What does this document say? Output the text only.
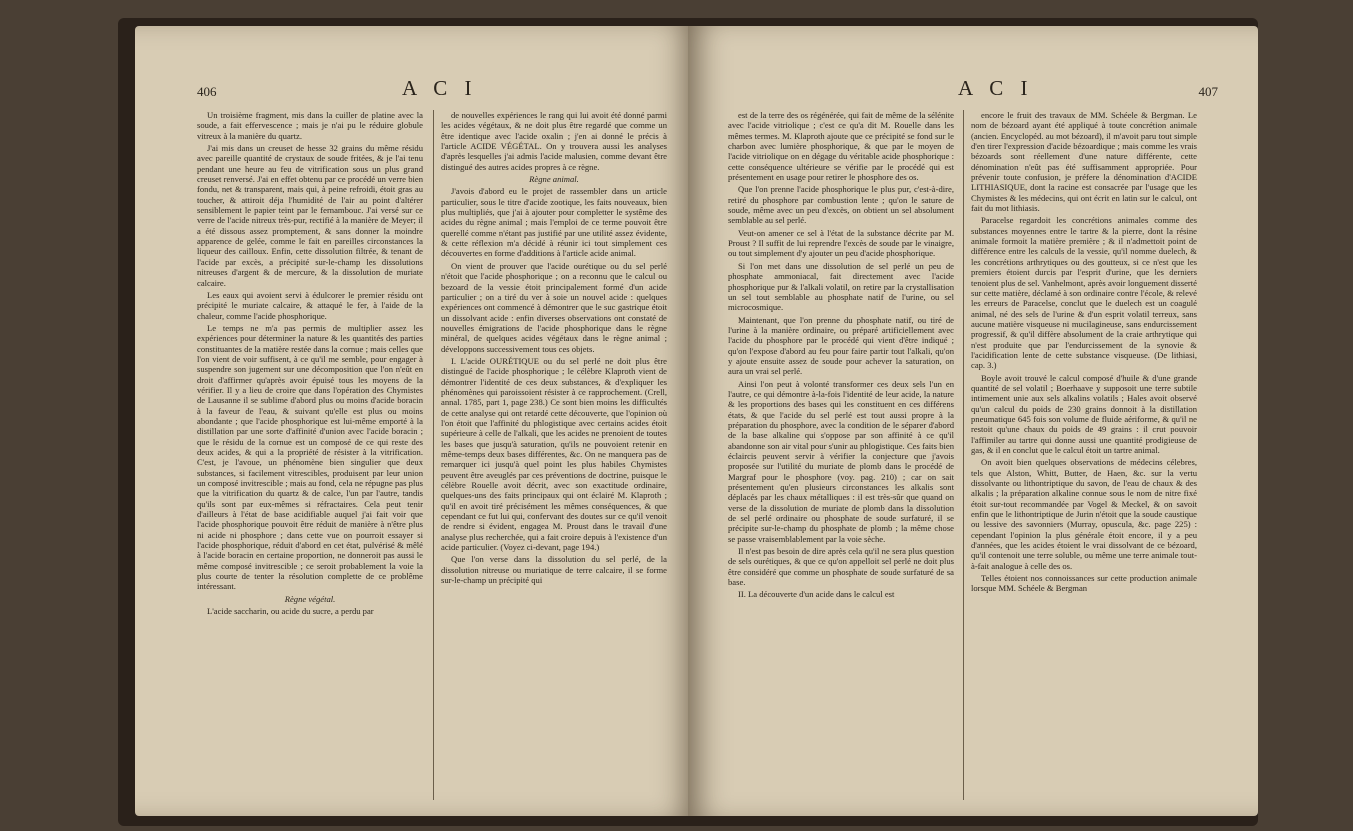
406	A C I

Un troisième fragment, mis dans la cuiller de platine avec la soude, a fait effervescence ; mais je n'ai pu le réduire globule vitreux à la manière du quartz.

J'ai mis dans un creuset de hesse 32 grains du même résidu avec pareille quantité de crystaux de soude fritées, & je l'ai tenu pendant une heure au feu de vitrification sous un plus grand creuset renversé. J'ai en effet obtenu par ce procédé un verre bien fondu, net & transparent, mais qui, à peine refroidi, étoit gras au toucher, & attiroit déja l'humidité de l'air au point d'altérer sensiblement le papier teint par le fernambouc. J'ai versé sur ce verre de l'acide nitreux très-pur, rectifié à la manière de Meyer; il a été dissous assez promptement, & sans donner la moindre apparence de gelée, comme le fait en pareilles circonstances la liqueur des cailloux. Enfin, cette dissolution filtrée, & tenant de l'acide par excès, a précipité sur-le-champ les dissolutions nitreuses d'argent & de mercure, & la dissolution de muriate calcaire.

Les eaux qui avoient servi à édulcorer le premier résidu ont précipité le muriate calcaire, & attaqué le fer, à l'aide de la chaleur, comme l'acide phosphorique.

Le temps ne m'a pas permis de multiplier assez les expériences pour déterminer la nature & les quantités des parties constituantes de la matière restée dans la cornue ; mais celles que l'on vient de voir suffisent, à ce qu'il me semble, pour engager à suspendre son jugement sur une décomposition que l'on n'eût en droit d'affirmer qu'après avoir épuisé tous les moyens de la vérifier. Il y a lieu de croire que dans l'opération des Chymistes de Lausanne il se sublime d'abord plus ou moins d'acide boracin à la faveur de l'eau, & suivant qu'elle est plus ou moins abondante ; que l'acide phosphorique est lui-même emporté à la distillation par une sorte d'affinité d'union avec l'acide boracin ; que le résidu de la cornue est un composé de ce qui reste des deux acides, & qui a la propriété de résister à la vitrification. C'est, je l'avoue, un phénomène bien singulier que deux substances, si facilement vitrescibles, produisent par leur union un composé invitrescible ; mais au fond, cela ne répugne pas plus que la vitrification du quartz & de calce, l'un par l'autre, tandis qu'ils sont par eux-mêmes si réfractaires. Cela peut tenir d'ailleurs à l'état de base acidifiable auquel j'ai fait voir que l'acide phosphorique pouvoit être réduit de manière à n'être plus ni acide ni phosphore ; dans cette vue on pourroit essayer si l'acide phosphorique, réduit d'abord en cet état, pulvérisé & mêlé à l'acide boracin en certaine proportion, ne donneroit pas aussi le même composé invitrescible ; ce seroit probablement la voie la plus courte de tenter la résolution complette de ce problême intéressant.

Règne végétal.

L'acide saccharin, ou acide du sucre, a perdu par

de nouvelles expériences le rang qui lui avoit été donné parmi les acides végétaux, & ne doit plus être regardé que comme un être identique avec l'acide oxalin ; j'en ai donné le précis à l'article ACIDE VÉGÉTAL. On y trouvera aussi les analyses d'après lesquelles j'ai admis l'acide malusien, comme devant être distingué des autres acides propres à ce règne.

Règne animal.

J'avois d'abord eu le projet de rassembler dans un article particulier, sous le titre d'acide zootique, les faits nouveaux, bien plus multipliés, que j'ai à ajouter pour completter le systême des acides du règne animal ; mais l'emploi de ce terme pouvoit être querellé comme n'étant pas justifié par une utilité assez évidente, & cette réflexion m'a décidé à réunir ici tout simplement ces découvertes en forme d'additions à l'article acide animal.

On vient de prouver que l'acide ourétique ou du sel perlé n'étoit que l'acide phosphorique ; on a reconnu que le calcul ou bezoard de la vessie étoit principalement formé d'un acide particulier ; on a tiré du ver à soie un nouvel acide : quelques expériences ont commencé à démontrer que le suc gastrique étoit un dissolvant acide : enfin diverses observations ont constaté de nouvelles émigrations de l'acide phosphorique dans le règne minéral, de quelques acides végétaux dans le règne animal ; développons successivement tous ces objets.

I. L'acide OURÉTIQUE ou du sel perlé ne doit plus être distingué de l'acide phosphorique ; le célèbre Klaproth vient de démontrer l'identité de ces deux substances, & d'expliquer les phénomènes qui paroissoient résister à ce rapprochement. (Crell, annal. 1785, part 1, page 238.) Ce sont bien moins les difficultés de cette analyse qui ont retardé cette découverte, que l'opinion où l'on étoit que l'affinité du phlogistique avec certains acides étoit supérieure à celle de l'alkali, que les acides ne prenoient de toutes les bases que jusqu'à saturation, qu'ils ne pouvoient retenir en même-temps deux bases différentes, &c. On ne manquera pas de remarquer ici jusqu'à quel point les plus habiles Chymistes peuvent être aveuglés par ces préventions de doctrine, puisque le célèbre Rouelle avoit décrit, avec son exactitude ordinaire, quelques-uns des faits principaux qui ont éclairé M. Klaproth ; qu'il en avoit tiré précisément les mêmes conséquences, & que cependant ce fut lui qui, confervant des doutes sur ce qu'il venoit de rendre si évident, engagea M. Proust dans le travail d'une analyse plus recherchée, qui a fait croire depuis à l'existence d'un acide particulier. (Voyez ci-devant, page 194.)

Que l'on verse dans la dissolution du sel perlé, de la dissolution nitreuse ou muriatique de terre calcaire, il se forme sur-le-champ un précipité qui

A C I	407

est de la terre des os régénérée, qui fait de même de la sélénite avec l'acide vitriolique ; c'est ce qu'a dit M. Rouelle dans les mêmes termes. M. Klaproth ajoute que ce précipité se fond sur le charbon avec lumière phosphorique, & que par le moyen de l'acide vitriolique on en dégage du véritable acide phosphorique : cette conséquence ultérieure se vérifie par le procédé qui est présentement en usage pour retirer le phosphore des os.

Que l'on prenne l'acide phosphorique le plus pur, c'est-à-dire, retiré du phosphore par combustion lente ; qu'on le sature de soude, même avec un peu d'excès, on obtient un sel absolument semblable au sel perlé.

Veut-on amener ce sel à l'état de la substance décrite par M. Proust ? Il suffit de lui reprendre l'excès de soude par le vinaigre, ou tout simplement d'y ajouter un peu d'acide phosphorique.

Si l'on met dans une dissolution de sel perlé un peu de phosphate ammoniacal, fait directement avec l'acide phosphorique pur & l'alkali volatil, on retire par la crystallisation un sel tout semblable au phosphate natif de l'urine, ou sel microcosmique.

Maintenant, que l'on prenne du phosphate natif, ou tiré de l'urine à la manière ordinaire, ou préparé artificiellement avec l'acide du phosphore par le procédé qui vient d'être indiqué ; qu'on l'expose d'abord au feu pour faire partir tout l'alkali, qu'on y ajoute ensuite assez de soude pour achever la saturation, on aura un vrai sel perlé.

Ainsi l'on peut à volonté transformer ces deux sels l'un en l'autre, ce qui démontre à-la-fois l'identité de leur acide, la nature & les proportions des bases qui les constituent en ces différens états, & que l'acide du sel perlé est tout aussi propre à la préparation du phosphore, avec la condition de le séparer d'abord de la base alkaline qui s'oppose par son affinité à ce qu'il abandonne son air vital pour s'unir au phlogistique. Ces faits bien éclaircis peuvent servir à vérifier la conjecture que j'avois proposée sur l'utilité du muriate de plomb dans le procédé de Margraf pour le phosphore (voy. pag. 210) ; car on sait présentement qu'en plusieurs circonstances les alkalis sont déplacés par les chaux métalliques : il est très-sûr que quand on verse de la dissolution de muriate de plomb dans la dissolution de sel perlé ordinaire ou phosphate de soude surfaturé, il se précipite sur-le-champ du phosphate de plomb ; la même chose se passe vraisemblablement par la voie sèche.

Il n'est pas besoin de dire après cela qu'il ne sera plus question de sels ourétiques, & que ce qu'on appelloit sel perlé ne doit plus être considéré que comme un phosphate de soude surfaturé de sa base.

II. La découverte d'un acide dans le calcul est

encore le fruit des travaux de MM. Schéele & Bergman. Le nom de bézoard ayant été appliqué à toute concrétion animale (ancien. Encyclopéd. au mot bézoard), il m'avoit paru tout simple d'en tirer l'expression d'acide bézoardique ; mais comme les vrais bézoards sont réellement d'une nature différente, cette dénomination n'eût pas été suffisamment appropriée. Pour prévenir toute confusion, je préfere la dénomination d'ACIDE LITHIASIQUE, dont la racine est consacrée par l'usage que les Chymistes & les médecins, qui ont écrit en latin sur le calcul, ont fait du mot lithiasis.

Paracelse regardoit les concrétions animales comme des substances moyennes entre le tartre & la pierre, dont la résine animale formoit la matière première ; & il n'admettoit point de différence entre les calculs de la vessie, qu'il nomme duelech, & les concrétions arthrytiques ou des goutteux, si ce n'est que les premiers étoient durcis par l'esprit d'urine, que les derniers tenoient plus de sel. Vanhelmont, après avoir longuement disserté sur cette matière, déclamé à son ordinaire contre l'école, & relevé les erreurs de Paracelse, conclut que le duelech est un coagulé animal, né des sels de l'urine & d'un esprit volatil terreux, sans aucune matière visqueuse ni mucilagineuse, sans endurcissement progressif, & qu'il diffère absolument de la craie arthrytique qui n'est produite que par l'endurcissement de la synovie & l'acidification lente de cette substance visqueuse. (De lithiasi, cap. 3.)

Boyle avoit trouvé le calcul composé d'huile & d'une grande quantité de sel volatil ; Boerhaave y supposoit une terre subtile intimement unie aux sels alkalins volatils ; Hales avoit observé qu'un calcul du poids de 230 grains donnoit à la distillation pneumatique 645 fois son volume de fluide aériforme, & qu'il ne restoit qu'une chaux du poids de 49 grains : il crut pouvoir l'affimiler au tartre qui donne aussi une quantité prodigieuse de gas, & il en conclut que le calcul étoit un tartre animal.

On avoit bien quelques observations de médecins célebres, tels que Alston, Whitt, Butter, de Haen, &c. sur la vertu dissolvante ou lithontriptique du savon, de l'eau de chaux & des alkalis ; la préparation alkaline connue sous le nom de nitre fixé étoit sur-tout recommandée par Vogel & Meckel, & on savoit enfin que le lithontriptique de Jurin n'étoit que la soude caustique ou lessive des savonniers (Murray, opuscula, &c. page 225) : cependant l'opinion la plus générale étoit encore, il y a peu d'années, que les acides étoient le vrai dissolvant de ce bézoard, qu'il contenoit une terre soluble, ou même une terre animale tout-à-fait analogue à celle des os.

Telles étoient nos connoissances sur cette production animale lorsque MM. Schéele & Bergman
